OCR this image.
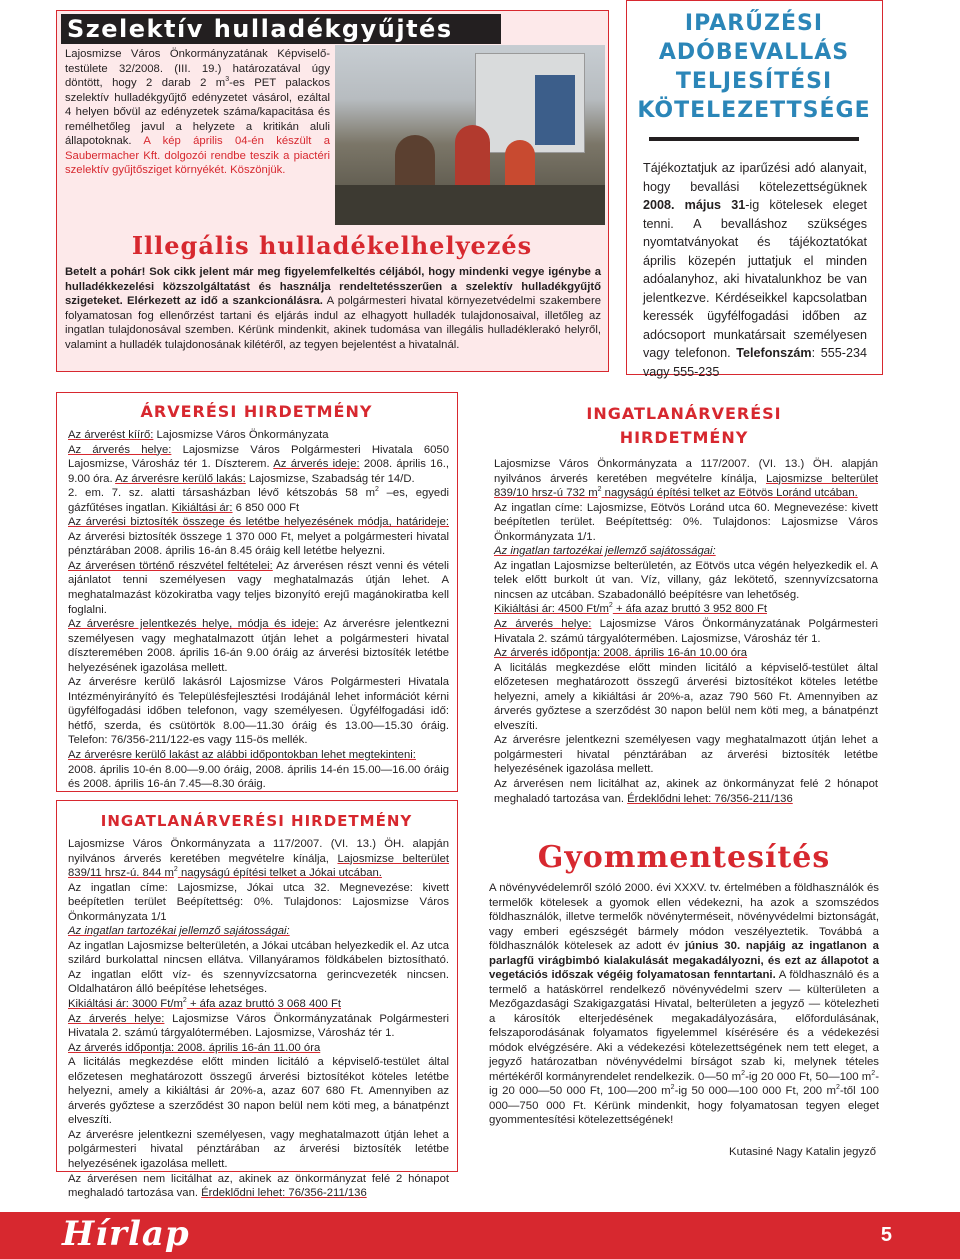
Szelektív hulladékgyűjtés

Lajosmizse Város Önkormányzatának Képviselő-testülete 32/2008. (III. 19.) határozatával úgy döntött, hogy 2 darab 2 $m^3-es$ PET palackos szelektív hulladékgyűjtő edényzetet vásárol, ezáltal 4 helyen bővül az edényzetek száma/kapacitása és remélhetőleg javul a helyzete a kritikán aluli állapotoknak. A kép április 04-én készült a Saubermacher Kft. dolgozói rendbe teszik a piactéri szelektív gyűjtősziget környékét. Köszönjük.

Illegális hulladékelhelyezés

Betelt a pohár! Sok cikk jelent már meg figyelemfelkeltés céljából, hogy mindenki vegye igénybe a hulladékkezelési közszolgáltatást és használja rendeltetésszerűen a szelektív hulladékgyűjtő szigeteket. Elérkezett az idő a szankcionálásra. A polgármesteri hivatal környezetvédelmi szakembere folyamatosan fog ellenőrzést tartani és eljárás indul az elhagyott hulladék tulajdonosaival, illetőleg az ingatlan tulajdonosával szemben. Kérünk mindenkit, akinek tudomása van illegális hulladéklerakó helyről, valamint a hulladék tulajdonosának kilétéről, az tegyen bejelentést a hivatalnál.

IPARŰZÉSI
ADÓBEVALLÁS
TELJESÍTÉSI
KÖTELEZETTSÉGE

Tájékoztatjuk az iparűzési adó alanyait, hogy bevallási kötelezettségüknek 2008. május 31-ig kötelesek eleget tenni. A bevalláshoz szükséges nyomtatványokat és tájékoztatókat április közepén juttatjuk el minden adóalanyhoz, aki hivatalunkhoz be van jelentkezve. Kérdéseikkel kapcsolatban keressék ügyfélfogadási időben az adócsoport munkatársait személyesen vagy telefonon. Telefonszám: 555-234 vagy 555-235

ÁRVERÉSI HIRDETMÉNY

Az árverést kíírő: Lajosmizse Város Önkormányzata

Az árverés helye: Lajosmizse Város Polgármesteri Hivatala 6050 Lajosmizse, Városház tér 1. Díszterem. Az árverés ideje: 2008. április 16., 9.00 óra. Az árverésre kerülő lakás: Lajosmizse, Szabadság tér 14/D.

2. em. 7. sz. alatti társasházban lévő kétszobás 58 $m^2$ –es, egyedi gázfűtéses ingatlan. Kikiáltási ár: 6 850 000 Ft

Az árverési biztosíték összege és letétbe helyezésének módja, határideje: Az árverési biztosíték összege 1 370 000 Ft, melyet a polgármesteri hivatal pénztárában 2008. április 16-án 8.45 óráig kell letétbe helyezni.

Az árverésen történő részvétel feltételei: Az árverésen részt venni és vételi ajánlatot tenni személyesen vagy meghatalmazás útján lehet. A meghatalmazást közokiratba vagy teljes bizonyító erejű magánokiratba kell foglalni.

Az árverésre jelentkezés helye, módja és ideje: Az árverésre jelentkezni személyesen vagy meghatalmazott útján lehet a polgármesteri hivatal díszteremében 2008. április 16-án 9.00 óráig az árverési biztosíték letétbe helyezésének igazolása mellett.

Az árverésre kerülő lakásról Lajosmizse Város Polgármesteri Hivatala Intézményirányító és Településfejlesztési Irodájánál lehet információt kérni ügyfélfogadási időben telefonon, vagy személyesen. Ügyfélfogadási idő: hétfő, szerda, és csütörtök 8.00—11.30 óráig és 13.00—15.30 óráig. Telefon: 76/356-211/122-es vagy 115-ös mellék.

Az árverésre kerülő lakást az alábbi időpontokban lehet megtekinteni:
2008. április 10-én 8.00—9.00 óráig, 2008. április 14-én 15.00—16.00 óráig és 2008. április 16-án 7.45—8.30 óráig.

INGATLANÁRVERÉSI HIRDETMÉNY

Lajosmizse Város Önkormányzata a 117/2007. (VI. 13.) ÖH. alapján nyilvános árverés keretében megvételre kínálja, Lajosmizse belterület 839/11 hrsz-ú. 844 $m^2$ nagyságú építési telket a Jókai utcában.

Az ingatlan címe: Lajosmizse, Jókai utca 32. Megnevezése: kivett beépítetlen terület Beépítettség: 0%. Tulajdonos: Lajosmizse Város Önkormányzata 1/1

Az ingatlan tartozékai jellemző sajátosságai:

Az ingatlan Lajosmizse belterületén, a Jókai utcában helyezkedik el. Az utca szilárd burkolattal nincsen ellátva. Villanyáramos földkábelen biztosítható. Az ingatlan előtt víz- és szennyvízcsatorna gerincvezeték nincsen. Oldalhatáron álló beépítése lehetséges.

Kikiáltási ár: 3000 $Ft/m^2$ + áfa azaz bruttó 3 068 400 Ft

Az árverés helye: Lajosmizse Város Önkormányzatának Polgármesteri Hivatala 2. számú tárgyalótermében. Lajosmizse, Városház tér 1.

Az árverés időpontja: 2008. április 16-án 11.00 óra

A licitálás megkezdése előtt minden licitáló a képviselő-testület által előzetesen meghatározott összegű árverési biztosítékot köteles letétbe helyezni, amely a kikiáltási ár 20%-a, azaz 607 680 Ft. Amennyiben az árverés győztese a szerződést 30 napon belül nem köti meg, a bánatpénzt elveszíti.

Az árverésre jelentkezni személyesen, vagy meghatalmazott útján lehet a polgármesteri hivatal pénztárában az árverési biztosíték letétbe helyezésének igazolása mellett.

Az árverésen nem licitálhat az, akinek az önkormányzat felé 2 hónapot meghaladó tartozása van. Érdeklődni lehet: 76/356-211/136

INGATLANÁRVERÉSI
HIRDETMÉNY

Lajosmizse Város Önkormányzata a 117/2007. (VI. 13.) ÖH. alapján nyilvános árverés keretében megvételre kínálja, Lajosmizse belterület 839/10 hrsz-ú 732 $m^2$ nagyságú építési telket az Eötvös Loránd utcában.

Az ingatlan címe: Lajosmizse, Eötvös Loránd utca 60. Megnevezése: kivett beépítetlen terület. Beépítettség: 0%. Tulajdonos: Lajosmizse Város Önkormányzata 1/1.

Az ingatlan tartozékai jellemző sajátosságai:

Az ingatlan Lajosmizse belterületén, az Eötvös utca végén helyezkedik el. A telek előtt burkolt út van. Víz, villany, gáz lekötető, szennyvízcsatorna nincsen az utcában. Szabadonálló beépítésre van lehetőség.

Kikiáltási ár: 4500 $Ft/m^2$ + áfa azaz bruttó 3 952 800 Ft

Az árverés helye: Lajosmizse Város Önkormányzatának Polgármesteri Hivatala 2. számú tárgyalótermében. Lajosmizse, Városház tér 1.

Az árverés időpontja: 2008. április 16-án 10.00 óra

A licitálás megkezdése előtt minden licitáló a képviselő-testület által előzetesen meghatározott összegű árverési biztosítékot köteles letétbe helyezni, amely a kikiáltási ár 20%-a, azaz 790 560 Ft. Amennyiben az árverés győztese a szerződést 30 napon belül nem köti meg, a bánatpénzt elveszíti.

Az árverésre jelentkezni személyesen vagy meghatalmazott útján lehet a polgármesteri hivatal pénztárában az árverési biztosíték letétbe helyezésének igazolása mellett.

Az árverésen nem licitálhat az, akinek az önkormányzat felé 2 hónapot meghaladó tartozása van. Érdeklődni lehet: 76/356-211/136

Gyommentesítés

A növényvédelemről szóló 2000. évi XXXV. tv. értelmében a földhasználók és termelők kötelesek a gyomok ellen védekezni, ha azok a szomszédos földhasználók, illetve termelők növényterméseit, növényvédelmi biztonságát, vagy emberi egészségét bármely módon veszélyeztetik. Továbbá a földhasználók kötelesek az adott év június 30. napjáig az ingatlanon a parlagfű virágbimbó kialakulását megakadályozni, és ezt az állapotot a vegetációs időszak végéig folyamatosan fenntartani. A földhasználó és a termelő a hatáskörrel rendelkező növényvédelmi szerv — külterületen a Mezőgazdasági Szakigazgatási Hivatal, belterületen a jegyző — kötelezheti a károsítók elterjedésének megakadályozására, előfordulásának, felszaporodásának folyamatos figyelemmel kísérésére és a védekezési módok elvégzésére. Aki a védekezési kötelezettségének nem tett eleget, a jegyző határozatban növényvédelmi bírságot szab ki, melynek tételes mértékéről kormányrendelet rendelkezik. 0—50 $m^2-ig$ 20 000 Ft, 50—100 $m^2-ig$ 20 000—50 000 Ft, 100—200 $m^2-ig$ 50 000—100 000 Ft, 200 $m^2$-től 100 000—750 000 Ft. Kérünk mindenkit, hogy folyamatosan tegyen eleget gyommentesítési kötelezettségének!

Kutasiné Nagy Katalin jegyző
Hírlap	5
